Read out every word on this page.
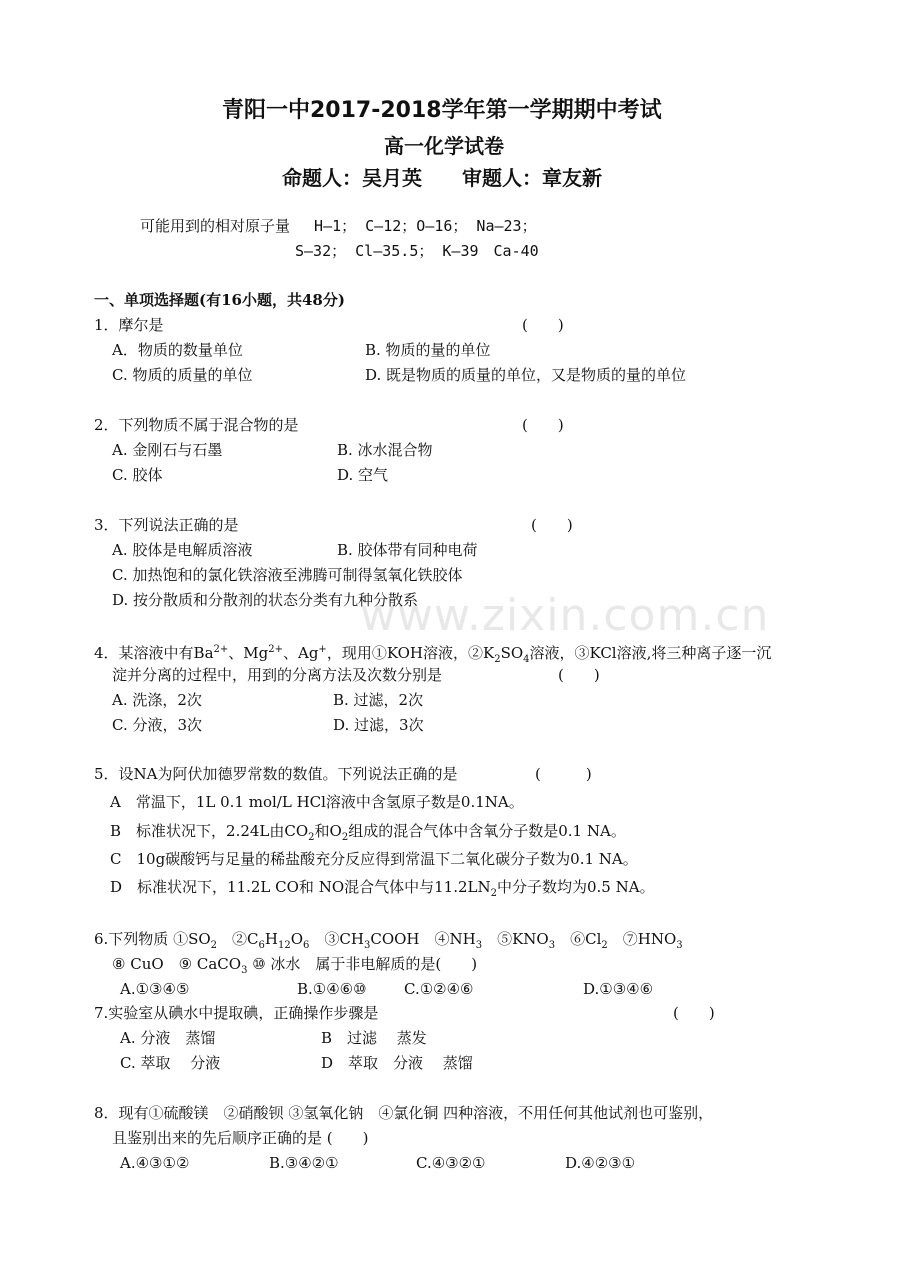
www.zixin.com.cn
青阳一中2017-2018学年第一学期期中考试
高一化学试卷
命题人：吴月英　　审题人：章友新
可能用到的相对原子量　 H—1； C—12；O—16； Na—23；
S—32； Cl—35.5； K—39　Ca-40
一、单项选择题(有16小题，共48分)
1．摩尔是	(　　)
A．物质的数量单位	B. 物质的量的单位
C. 物质的质量的单位	D. 既是物质的质量的单位，又是物质的量的单位
2．下列物质不属于混合物的是	(　　)
A. 金刚石与石墨	B. 冰水混合物
C. 胶体	D. 空气
3．下列说法正确的是	(　　)
A. 胶体是电解质溶液	B. 胶体带有同种电荷
C. 加热饱和的氯化铁溶液至沸腾可制得氢氧化铁胶体
D. 按分散质和分散剂的状态分类有九种分散系
4．某溶液中有$Ba^{2+}$、$Mg^{2+}$、Ag+，现用①KOH溶液，$②K_2SO_4$溶液，③KCl溶液,将三种离子逐一沉
淀并分离的过程中，用到的分离方法及次数分别是	(　　)
A. 洗涤，2次	B. 过滤，2次
C. 分液，3次	D. 过滤，3次
5．设NA为阿伏加德罗常数的数值。下列说法正确的是	(　　　)
A　常温下，1L 0.1 mol/L HCl溶液中含氢原子数是0.1NA。
B　标准状况下，2.24L由$CO_2$和$O_2$组成的混合气体中含氧分子数是0.1 NA。
C　10g碳酸钙与足量的稀盐酸充分反应得到常温下二氧化碳分子数为0.1 NA。
D　标准状况下，11.2L CO和 NO混合气体中与$11.2LN_2$中分子数均为0.5 NA。
6.下列物质 $①SO_2$　$②C_6H_{12}O_6$　$③CH_3COOH$　$④NH_3$　$⑤KNO_3$　$⑥Cl_2$　$⑦HNO_3$
⑧ CuO　⑨ CaCO$_3$ ⑩ 冰水　属于非电解质的是(　　)
A.①③④⑤	B.①④⑥⑩ C.①②④⑥	D.①③④⑥
7.实验室从碘水中提取碘，正确操作步骤是	(　　)
A. 分液　蒸馏	B　过滤　 蒸发
C. 萃取　 分液	D　萃取　分液　 蒸馏
8．现有①硫酸镁　②硝酸钡 ③氢氧化钠　④氯化铜 四种溶液，不用任何其他试剂也可鉴别，
且鉴别出来的先后顺序正确的是 (　　)
A.④③①②	B.③④②①	C.④③②①	D.④②③①
